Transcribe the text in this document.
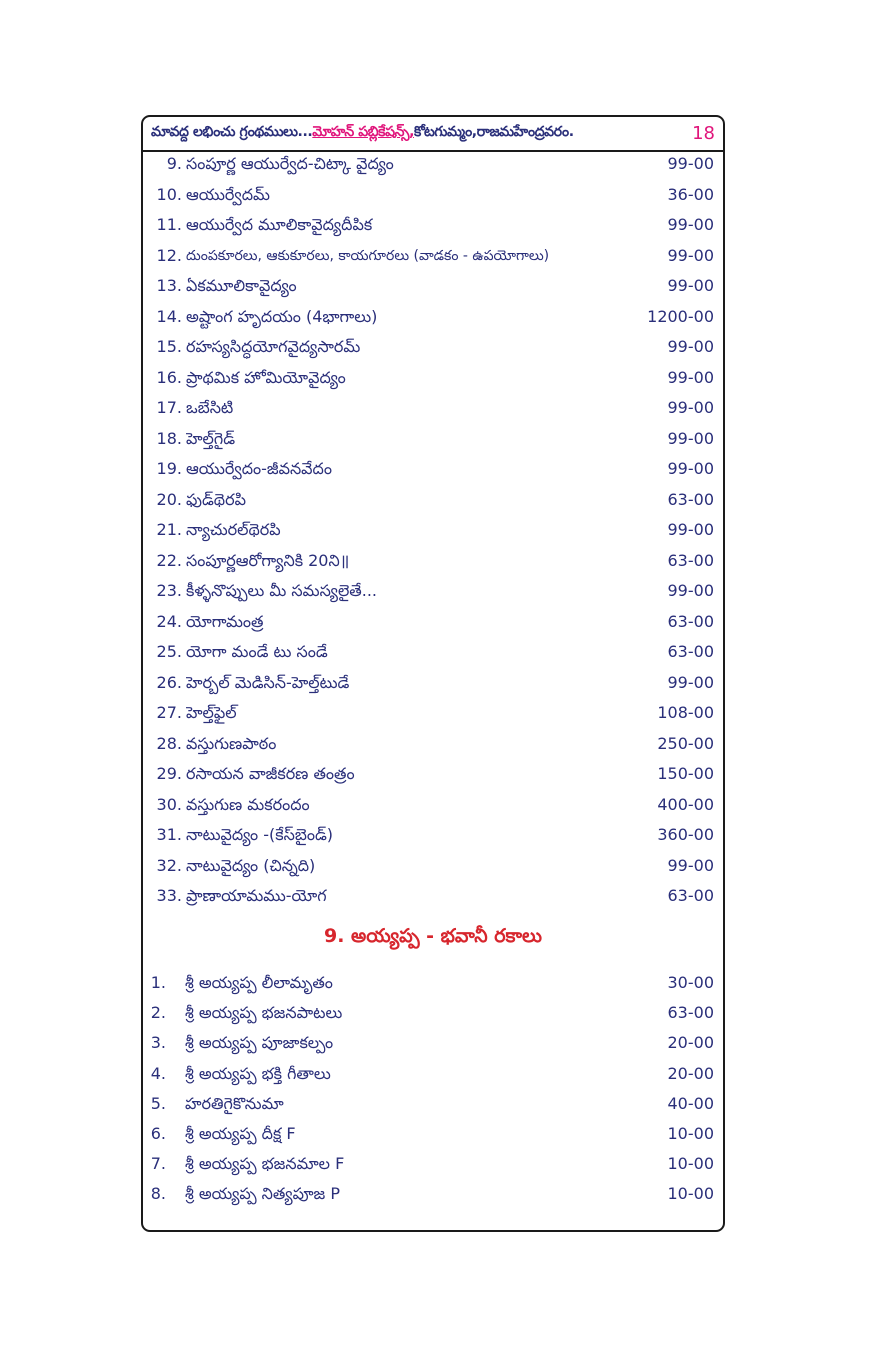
మావద్ద లభించు గ్రంథములు... మోహన్ పబ్లికేషన్స్, కోటగుమ్మం,రాజమహేంద్రవరం.	18
9. సంపూర్ణ ఆయుర్వేద-చిట్కా వైద్యం	99-00
10. ఆయుర్వేదమ్	36-00
11. ఆయుర్వేద మూలికావైద్యదీపిక	99-00
12. దుంపకూరలు, ఆకుకూరలు, కాయగూరలు (వాడకం - ఉపయోగాలు)	99-00
13. ఏకమూలికావైద్యం	99-00
14. అష్టాంగ హృదయం (4భాగాలు)	1200-00
15. రహస్యసిద్ధయోగవైద్యసారమ్	99-00
16. ప్రాథమిక హోమియోవైద్యం	99-00
17. ఒబేసిటి	99-00
18. హెల్త్‌గైడ్	99-00
19. ఆయుర్వేదం-జీవనవేదం	99-00
20. ఫుడ్‌థెరపి	63-00
21. న్యాచురల్‌థెరపి	99-00
22. సంపూర్ణఆరోగ్యానికి 20ని॥	63-00
23. కీళ్ళనొప్పులు మీ సమస్యలైతే...	99-00
24. యోగామంత్ర	63-00
25. యోగా మండే టు సండే	63-00
26. హెర్బల్ మెడిసిన్-హెల్త్‌టుడే	99-00
27. హెల్త్‌ఫైల్	108-00
28. వస్తుగుణపాఠం	250-00
29. రసాయన వాజీకరణ తంత్రం	150-00
30. వస్తుగుణ మకరందం	400-00
31. నాటువైద్యం -(కేస్‌బైండ్)	360-00
32. నాటువైద్యం (చిన్నది)	99-00
33. ప్రాణాయామము-యోగ	63-00
9. అయ్యప్ప - భవానీ రకాలు
1. శ్రీ అయ్యప్ప లీలామృతం	30-00
2. శ్రీ అయ్యప్ప భజనపాటలు	63-00
3. శ్రీ అయ్యప్ప పూజాకల్పం	20-00
4. శ్రీ అయ్యప్ప భక్తి గీతాలు	20-00
5. హరతిగైకొనుమా	40-00
6. శ్రీ అయ్యప్ప దీక్ష F	10-00
7. శ్రీ అయ్యప్ప భజనమాల F	10-00
8. శ్రీ అయ్యప్ప నిత్యపూజ P	10-00
